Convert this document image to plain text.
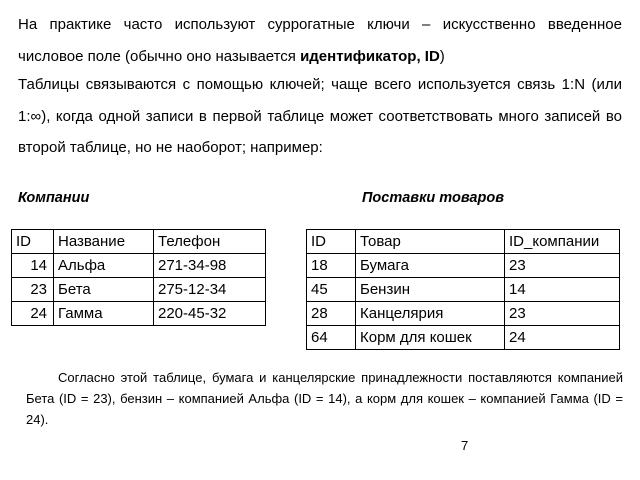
На практике часто используют суррогатные ключи – искусственно введенное числовое поле (обычно оно называется идентификатор, ID)

Таблицы связываются с помощью ключей; чаще всего используется связь 1:N (или 1:∞), когда одной записи в первой таблице может соответствовать много записей во второй таблице, но не наоборот; например:

Компании	Поставки товаров
ID	Название	Телефон
14	Альфа	271-34-98
23	Бета	275-12-34
24	Гамма	220-45-32
ID	Товар	ID_компании
18	Бумага	23
45	Бензин	14
28	Канцелярия	23
64	Корм для кошек	24

Согласно этой таблице, бумага и канцелярские принадлежности поставляются компанией Бета (ID = 23), бензин – компанией Альфа (ID = 14), а корм для кошек – компанией Гамма (ID = 24).

7
